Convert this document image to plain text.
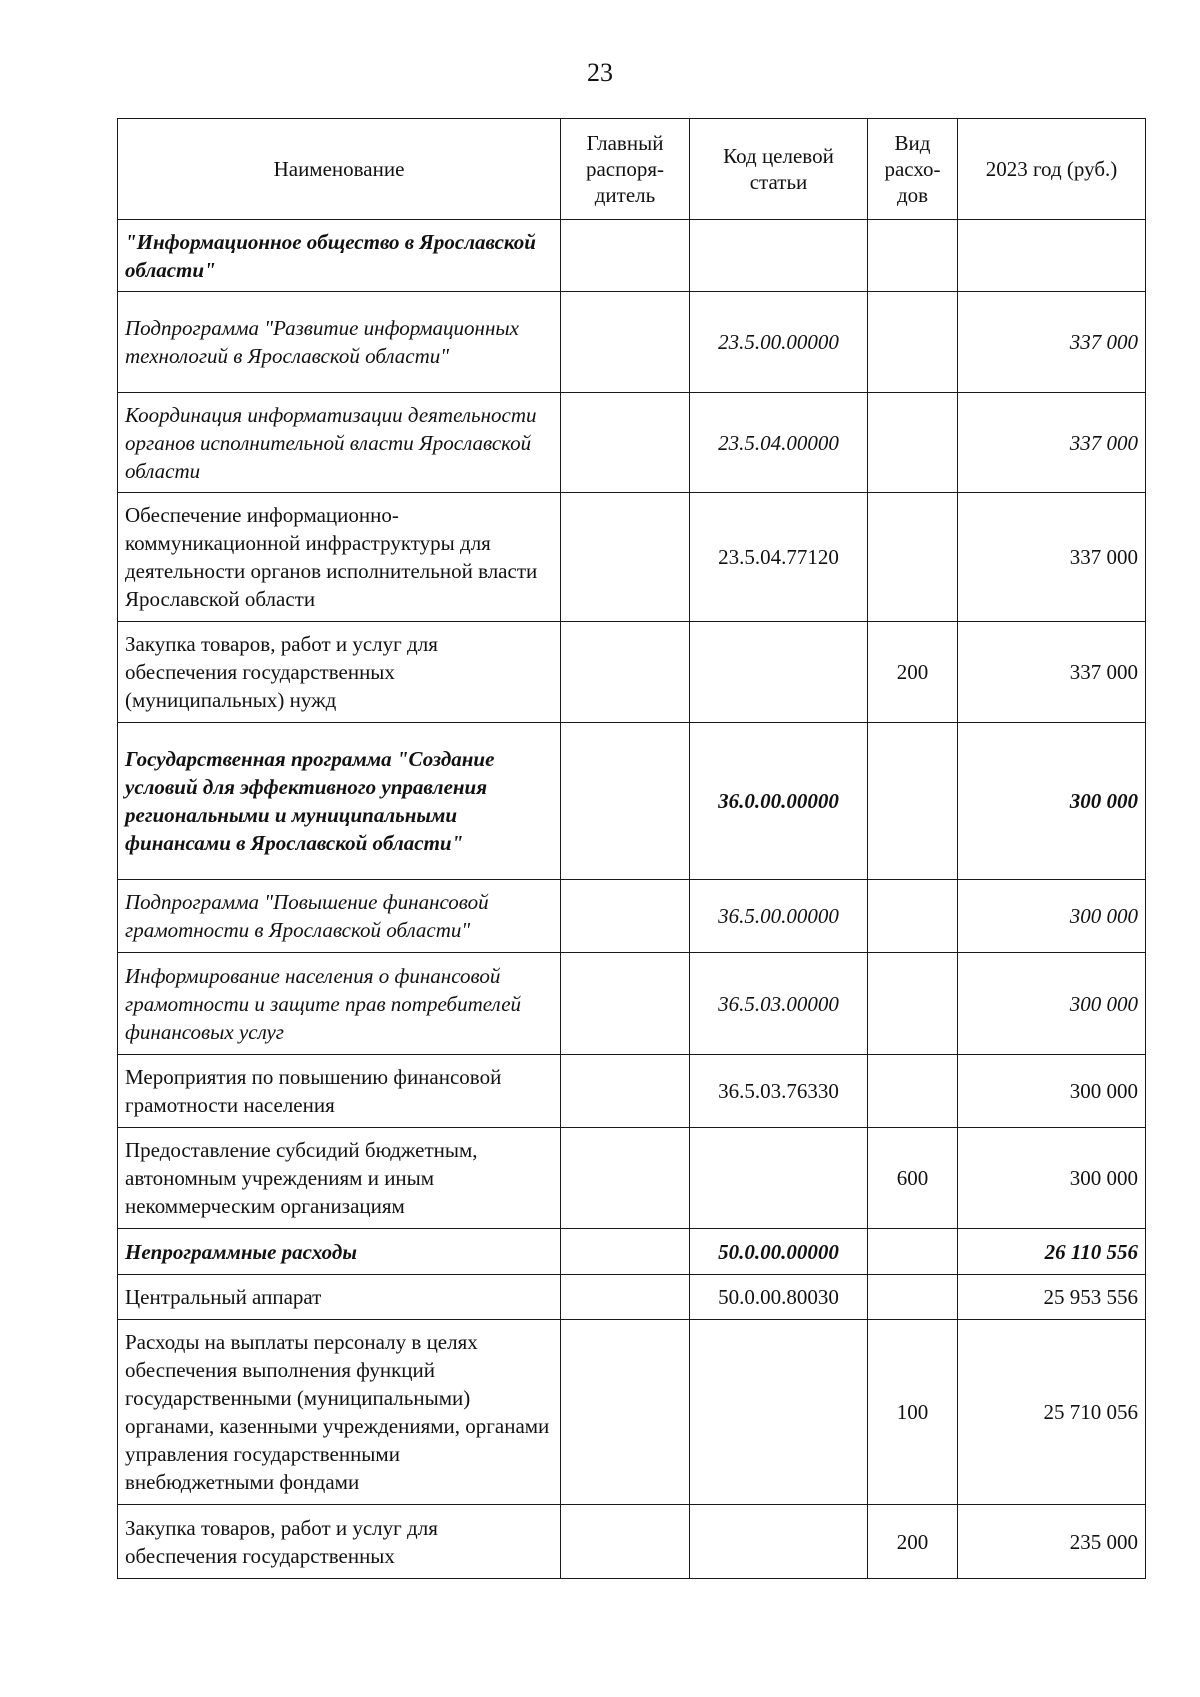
23
Наименование	Главный распоря-дитель	Код целевой статьи	Вид расхо-дов	2023 год (руб.)
"Информационное общество в Ярославской области"				
Подпрограмма "Развитие информационных технологий в Ярославской области"		23.5.00.00000		337 000
Координация информатизации деятельности органов исполнительной власти Ярославской области		23.5.04.00000		337 000
Обеспечение информационно-коммуникационной инфраструктуры для деятельности органов исполнительной власти Ярославской области		23.5.04.77120		337 000
Закупка товаров, работ и услуг для обеспечения государственных (муниципальных) нужд			200	337 000
Государственная программа "Создание условий для эффективного управления региональными и муниципальными финансами в Ярославской области"		36.0.00.00000		300 000
Подпрограмма "Повышение финансовой грамотности в Ярославской области"		36.5.00.00000		300 000
Информирование населения о финансовой грамотности и защите прав потребителей финансовых услуг		36.5.03.00000		300 000
Мероприятия по повышению финансовой грамотности населения		36.5.03.76330		300 000
Предоставление субсидий бюджетным, автономным учреждениям и иным некоммерческим организациям			600	300 000
Непрограммные расходы		50.0.00.00000		26 110 556
Центральный аппарат		50.0.00.80030		25 953 556
Расходы на выплаты персоналу в целях обеспечения выполнения функций государственными (муниципальными) органами, казенными учреждениями, органами управления государственными внебюджетными фондами			100	25 710 056
Закупка товаров, работ и услуг для обеспечения государственных			200	235 000
